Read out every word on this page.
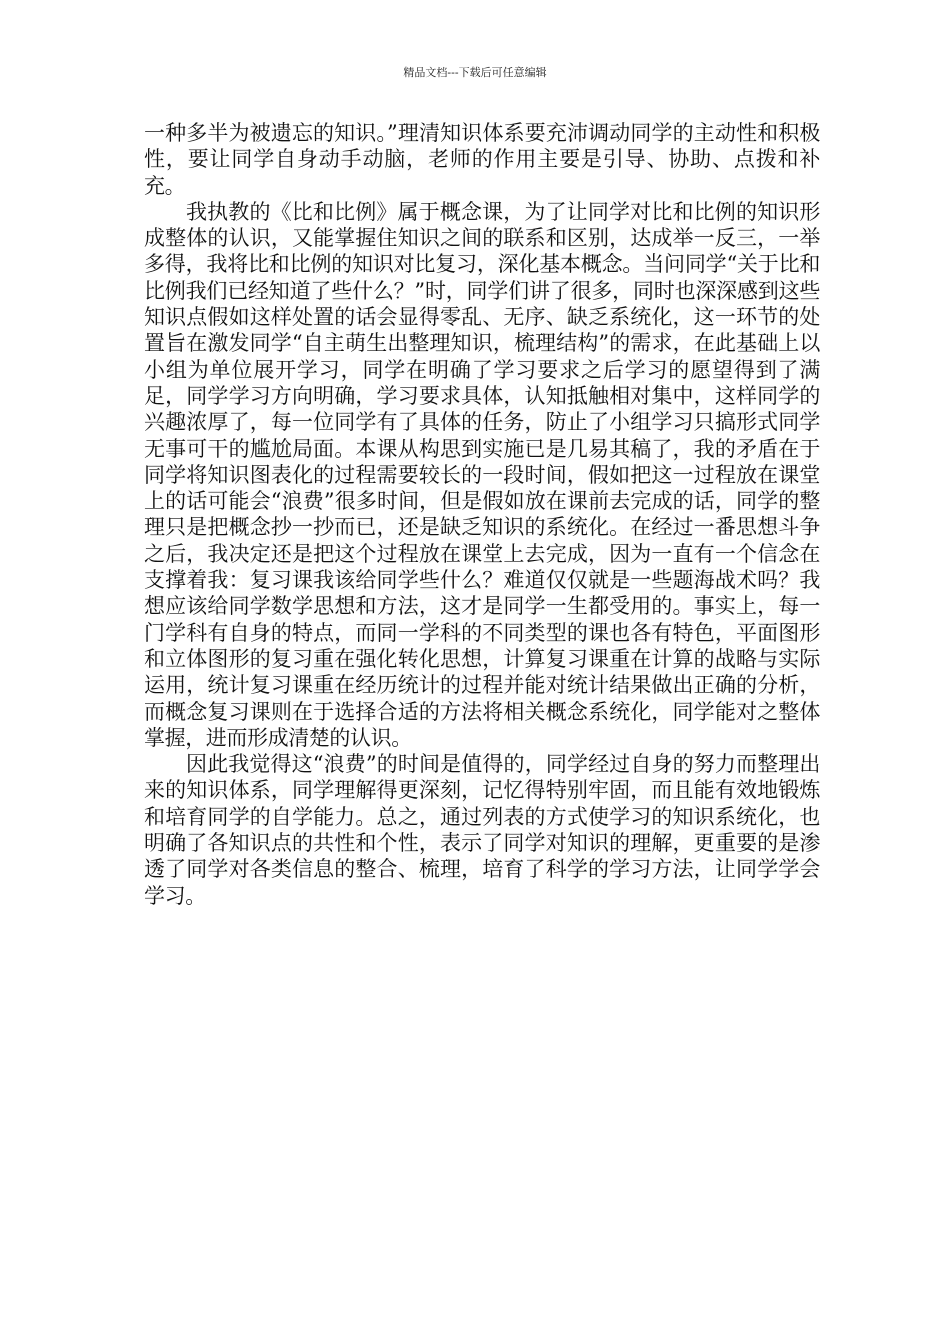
精品文档---下载后可任意编辑

一种多半为被遗忘的知识。”理清知识体系要充沛调动同学的主动性和积极性，要让同学自身动手动脑，老师的作用主要是引导、协助、点拨和补充。

我执教的《比和比例》属于概念课，为了让同学对比和比例的知识形成整体的认识，又能掌握住知识之间的联系和区别，达成举一反三，一举多得，我将比和比例的知识对比复习，深化基本概念。当问同学“关于比和比例我们已经知道了些什么？”时，同学们讲了很多，同时也深深感到这些知识点假如这样处置的话会显得零乱、无序、缺乏系统化，这一环节的处置旨在激发同学“自主萌生出整理知识，梳理结构”的需求，在此基础上以小组为单位展开学习，同学在明确了学习要求之后学习的愿望得到了满足，同学学习方向明确，学习要求具体，认知抵触相对集中，这样同学的兴趣浓厚了，每一位同学有了具体的任务，防止了小组学习只搞形式同学无事可干的尴尬局面。本课从构思到实施已是几易其稿了，我的矛盾在于同学将知识图表化的过程需要较长的一段时间，假如把这一过程放在课堂上的话可能会“浪费”很多时间，但是假如放在课前去完成的话，同学的整理只是把概念抄一抄而已，还是缺乏知识的系统化。在经过一番思想斗争之后，我决定还是把这个过程放在课堂上去完成，因为一直有一个信念在支撑着我：复习课我该给同学些什么？难道仅仅就是一些题海战术吗？我想应该给同学数学思想和方法，这才是同学一生都受用的。事实上，每一门学科有自身的特点，而同一学科的不同类型的课也各有特色，平面图形和立体图形的复习重在强化转化思想，计算复习课重在计算的战略与实际运用，统计复习课重在经历统计的过程并能对统计结果做出正确的分析，而概念复习课则在于选择合适的方法将相关概念系统化，同学能对之整体掌握，进而形成清楚的认识。

因此我觉得这“浪费”的时间是值得的，同学经过自身的努力而整理出来的知识体系，同学理解得更深刻，记忆得特别牢固，而且能有效地锻炼和培育同学的自学能力。总之，通过列表的方式使学习的知识系统化，也明确了各知识点的共性和个性，表示了同学对知识的理解，更重要的是渗透了同学对各类信息的整合、梳理，培育了科学的学习方法，让同学学会学习。
